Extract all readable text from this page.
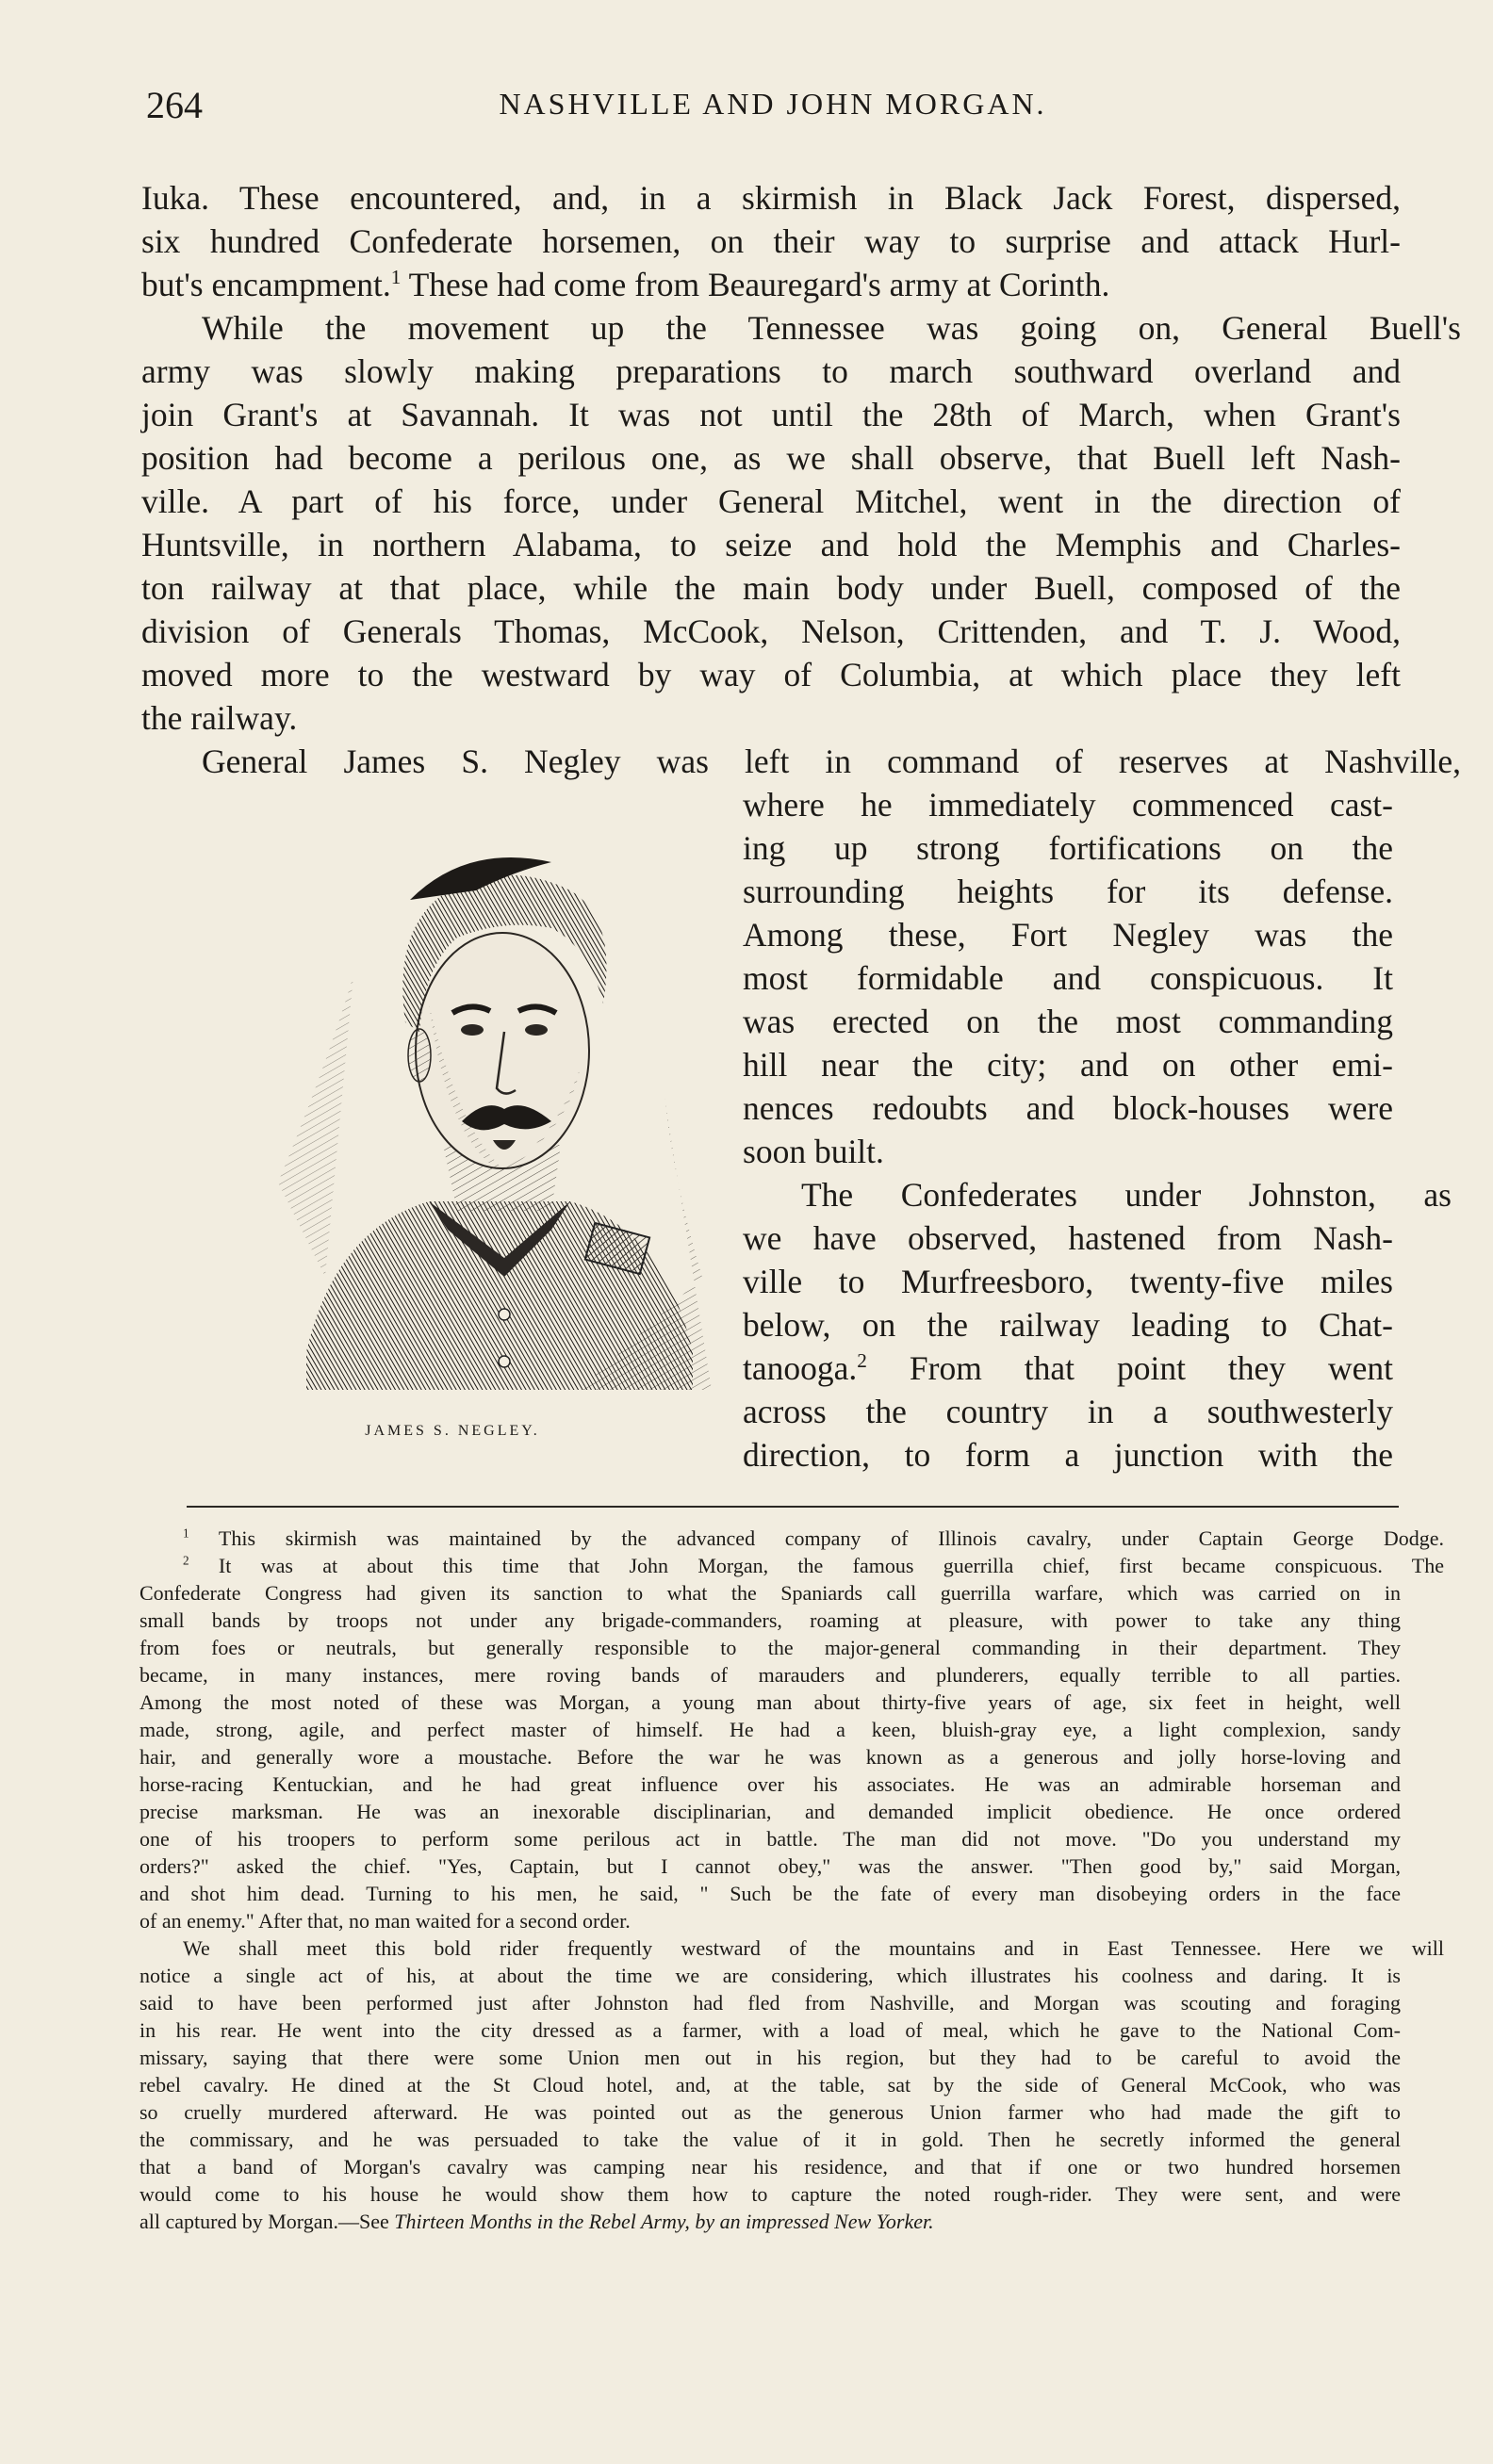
264	NASHVILLE AND JOHN MORGAN.
Iuka. These encountered, and, in a skirmish in Black Jack Forest, dispersed,
six hundred Confederate horsemen, on their way to surprise and attack Hurl-
but's encampment.$^1$ These had come from Beauregard's army at Corinth.
While the movement up the Tennessee was going on, General Buell's
army was slowly making preparations to march southward overland and
join Grant's at Savannah. It was not until the 28th of March, when Grant's
position had become a perilous one, as we shall observe, that Buell left Nash-
ville. A part of his force, under General Mitchel, went in the direction of
Huntsville, in northern Alabama, to seize and hold the Memphis and Charles-
ton railway at that place, while the main body under Buell, composed of the
division of Generals Thomas, McCook, Nelson, Crittenden, and T. J. Wood,
moved more to the westward by way of Columbia, at which place they left
the railway.
General James S. Negley was left in command of reserves at Nashville,
where he immediately commenced cast-
ing up strong fortifications on the
surrounding heights for its defense.
Among these, Fort Negley was the
most formidable and conspicuous. It
was erected on the most commanding
hill near the city; and on other emi-
nences redoubts and block-houses were
soon built.
The Confederates under Johnston, as
we have observed, hastened from Nash-
ville to Murfreesboro, twenty-five miles
below, on the railway leading to Chat-
tanooga.$^2$ From that point they went
across the country in a southwesterly
direction, to form a junction with the
JAMES S. NEGLEY.
$^1$ This skirmish was maintained by the advanced company of Illinois cavalry, under Captain George Dodge.
$^2$ It was at about this time that John Morgan, the famous guerrilla chief, first became conspicuous. The
Confederate Congress had given its sanction to what the Spaniards call guerrilla warfare, which was carried on in
small bands by troops not under any brigade-commanders, roaming at pleasure, with power to take any thing
from foes or neutrals, but generally responsible to the major-general commanding in their department. They
became, in many instances, mere roving bands of marauders and plunderers, equally terrible to all parties.
Among the most noted of these was Morgan, a young man about thirty-five years of age, six feet in height, well
made, strong, agile, and perfect master of himself. He had a keen, bluish-gray eye, a light complexion, sandy
hair, and generally wore a moustache. Before the war he was known as a generous and jolly horse-loving and
horse-racing Kentuckian, and he had great influence over his associates. He was an admirable horseman and
precise marksman. He was an inexorable disciplinarian, and demanded implicit obedience. He once ordered
one of his troopers to perform some perilous act in battle. The man did not move. "Do you understand my
orders?" asked the chief. "Yes, Captain, but I cannot obey," was the answer. "Then good by," said Morgan,
and shot him dead. Turning to his men, he said, " Such be the fate of every man disobeying orders in the face
of an enemy." After that, no man waited for a second order.
We shall meet this bold rider frequently westward of the mountains and in East Tennessee. Here we will
notice a single act of his, at about the time we are considering, which illustrates his coolness and daring. It is
said to have been performed just after Johnston had fled from Nashville, and Morgan was scouting and foraging
in his rear. He went into the city dressed as a farmer, with a load of meal, which he gave to the National Com-
missary, saying that there were some Union men out in his region, but they had to be careful to avoid the
rebel cavalry. He dined at the St Cloud hotel, and, at the table, sat by the side of General McCook, who was
so cruelly murdered afterward. He was pointed out as the generous Union farmer who had made the gift to
the commissary, and he was persuaded to take the value of it in gold. Then he secretly informed the general
that a band of Morgan's cavalry was camping near his residence, and that if one or two hundred horsemen
would come to his house he would show them how to capture the noted rough-rider. They were sent, and were
all captured by Morgan.—See Thirteen Months in the Rebel Army, by an impressed New Yorker.
